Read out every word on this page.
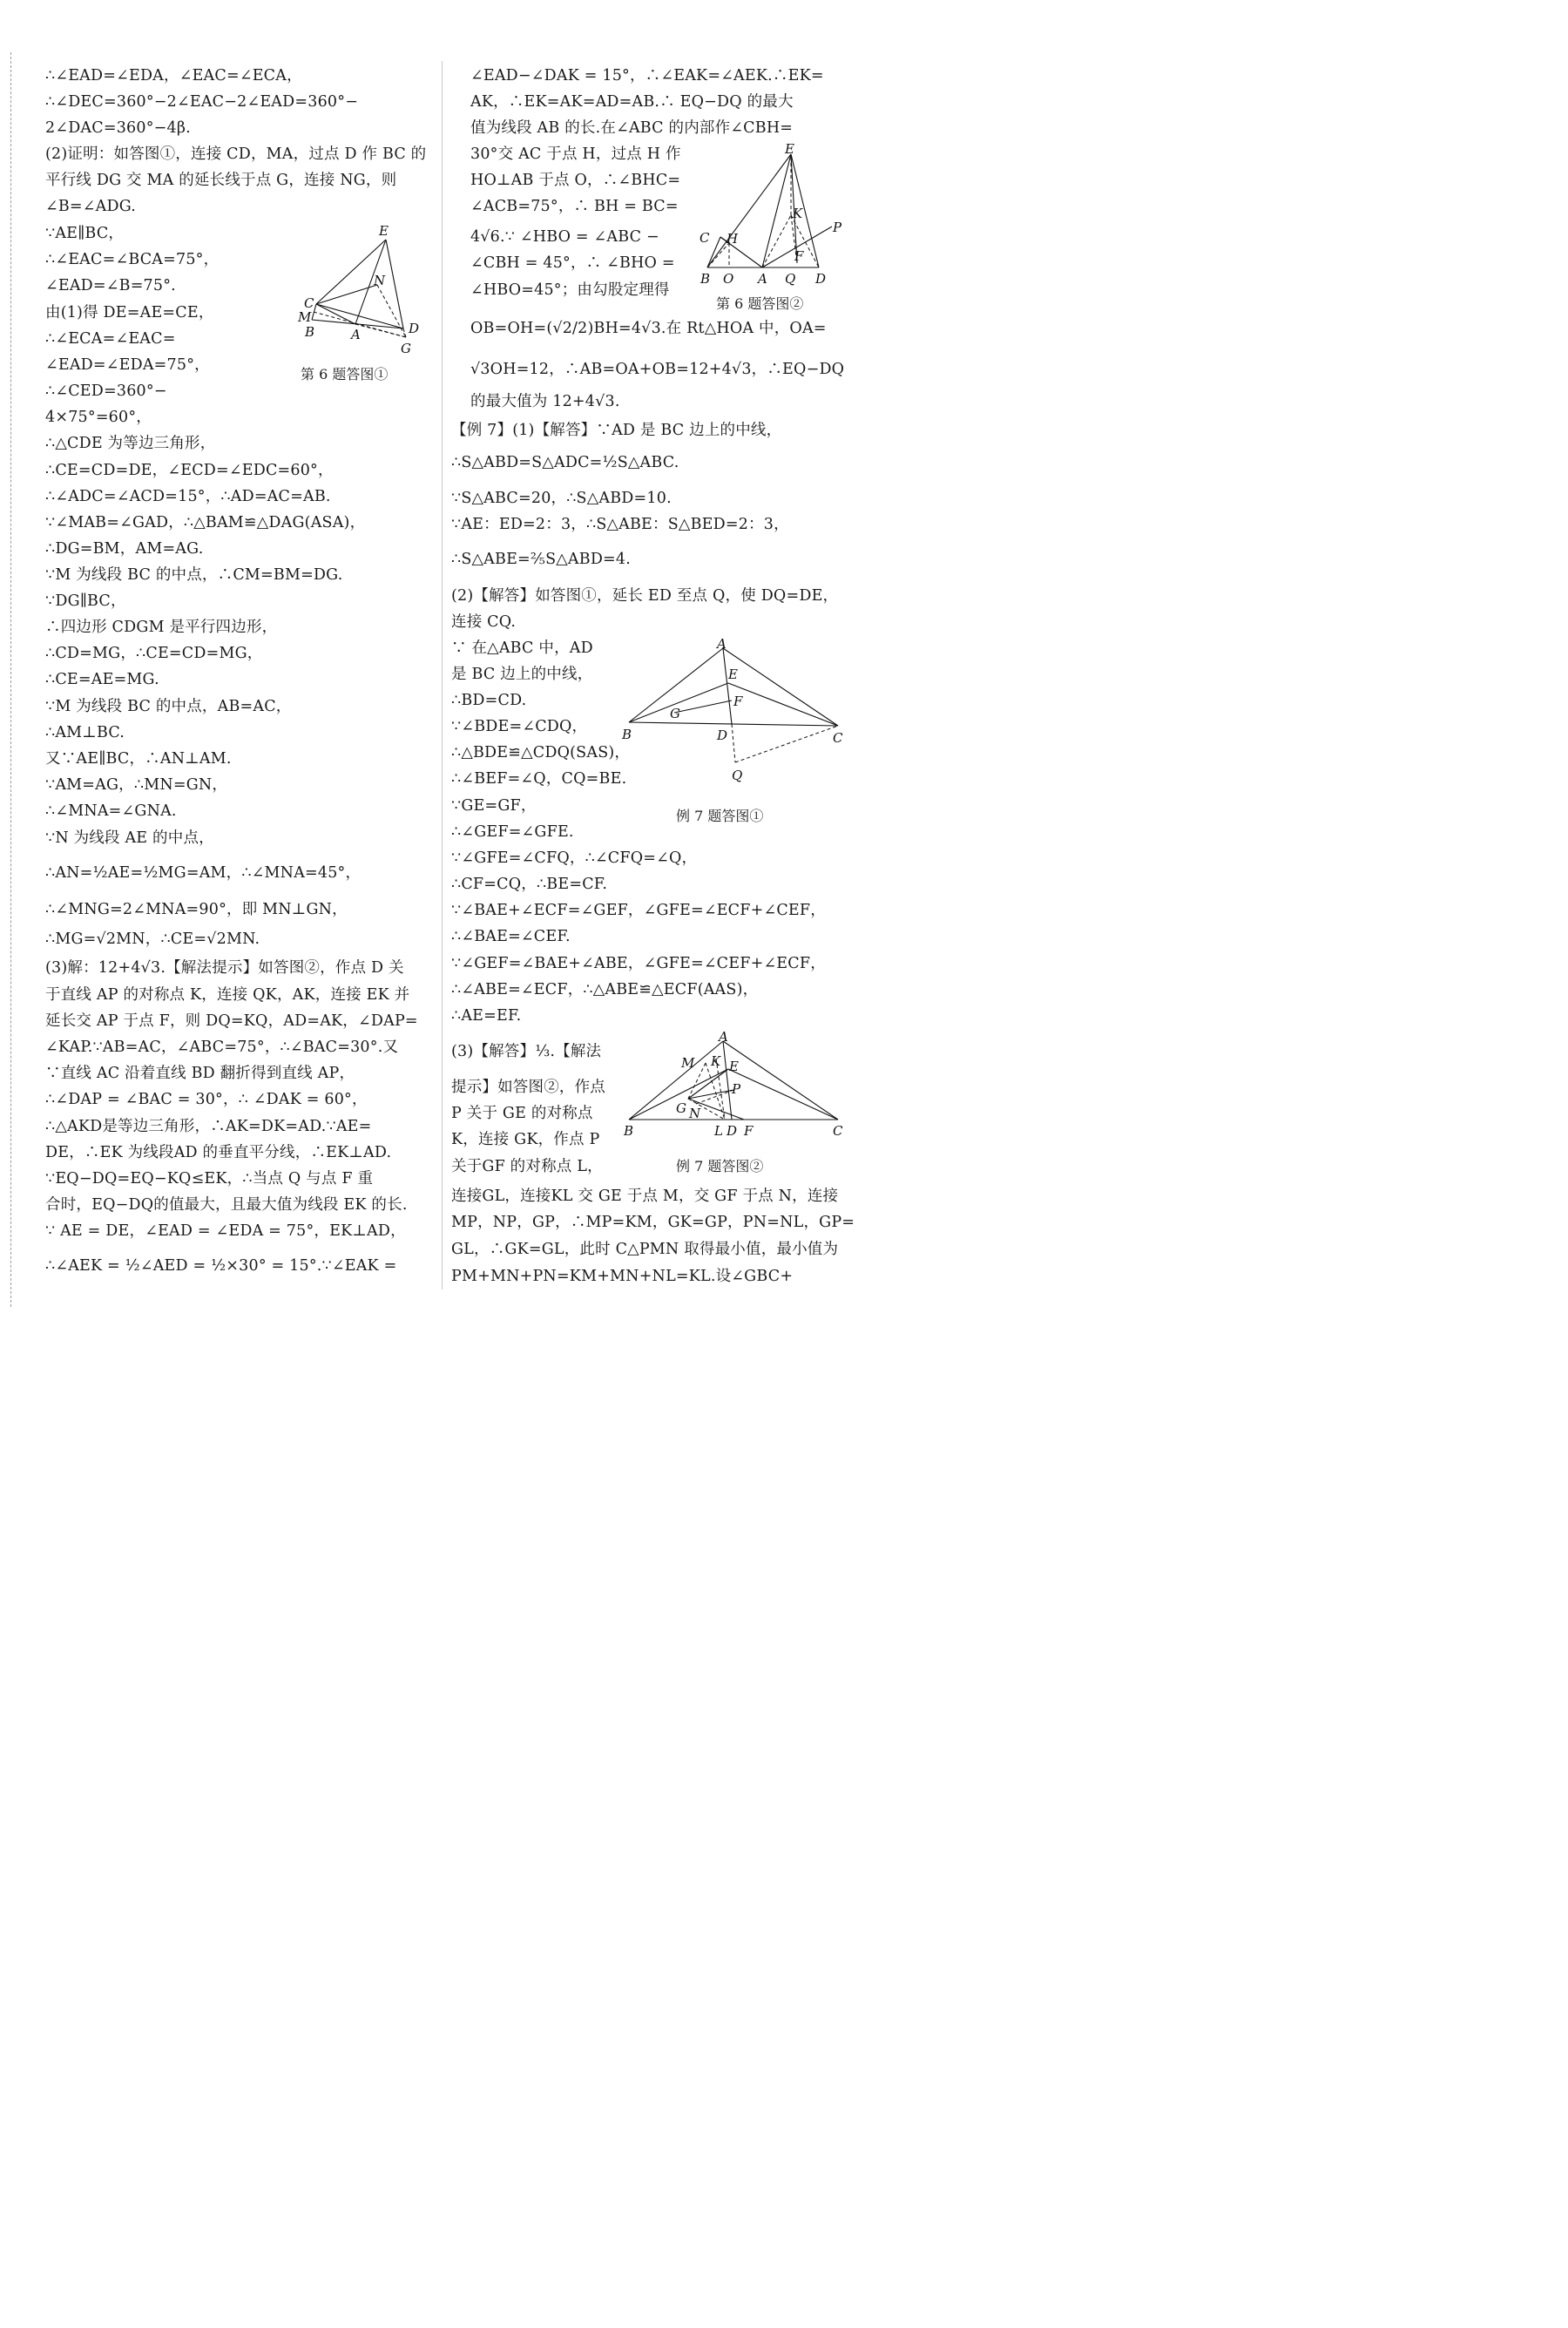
∴∠EAD=∠EDA，∠EAC=∠ECA，
∴∠DEC=360°−2∠EAC−2∠EAD=360°−
2∠DAC=360°−4β.
(2)证明：如答图①，连接 CD，MA，过点 D 作 BC 的
平行线 DG 交 MA 的延长线于点 G，连接 NG，则
∠B=∠ADG.
∵AE∥BC，
∴∠EAC=∠BCA=75°，
∠EAD=∠B=75°.
由(1)得 DE=AE=CE，
∴∠ECA=∠EAC=
∠EAD=∠EDA=75°，
∴∠CED=360°−
4×75°=60°，
∴△CDE 为等边三角形，
∴CE=CD=DE，∠ECD=∠EDC=60°，
∴∠ADC=∠ACD=15°，∴AD=AC=AB.
∵∠MAB=∠GAD，∴△BAM≌△DAG(ASA)，
∴DG=BM，AM=AG.
∵M 为线段 BC 的中点，∴CM=BM=DG.
∵DG∥BC，
∴四边形 CDGM 是平行四边形，
∴CD=MG，∴CE=CD=MG，
∴CE=AE=MG.
∵M 为线段 BC 的中点，AB=AC，
∴AM⊥BC.
又∵AE∥BC，∴AN⊥AM.
∵AM=AG，∴MN=GN，
∴∠MNA=∠GNA.
∵N 为线段 AE 的中点，
∴AN=½AE=½MG=AM，∴∠MNA=45°，
∴∠MNG=2∠MNA=90°，即 MN⊥GN，
∴MG=√2MN，∴CE=√2MN.
(3)解：12+4√3.【解法提示】如答图②，作点 D 关
于直线 AP 的对称点 K，连接 QK，AK，连接 EK 并
延长交 AP 于点 F，则 DQ=KQ，AD=AK，∠DAP=
∠KAP.∵AB=AC，∠ABC=75°，∴∠BAC=30°.又
∵直线 AC 沿着直线 BD 翻折得到直线 AP，
∴∠DAP = ∠BAC = 30°，∴ ∠DAK = 60°，
∴△AKD是等边三角形，∴AK=DK=AD.∵AE=
DE，∴EK 为线段AD 的垂直平分线，∴EK⊥AD.
∵EQ−DQ=EQ−KQ≤EK，∴当点 Q 与点 F 重
合时，EQ−DQ的值最大，且最大值为线段 EK 的长.
∵ AE = DE，∠EAD = ∠EDA = 75°，EK⊥AD，
∴∠AEK = ½∠AED = ½×30° = 15°.∵∠EAK =
E
N
M
C
B	A	D
G
第 6 题答图①
∠EAD−∠DAK = 15°，∴∠EAK=∠AEK.∴EK=
AK，∴EK=AK=AD=AB.∴ EQ−DQ 的最大
值为线段 AB 的长.在∠ABC 的内部作∠CBH=
30°交 AC 于点 H，过点 H 作
HO⊥AB 于点 O，∴∠BHC=
∠ACB=75°，∴ BH = BC=
4√6.∵ ∠HBO = ∠ABC −
∠CBH = 45°，∴ ∠BHO =
∠HBO=45°；由勾股定理得
OB=OH=(√2/2)BH=4√3.在 Rt△HOA 中，OA=
√3OH=12，∴AB=OA+OB=12+4√3，∴EQ−DQ
的最大值为 12+4√3.
【例 7】(1)【解答】∵AD 是 BC 边上的中线，
∴S△ABD=S△ADC=½S△ABC.
∵S△ABC=20，∴S△ABD=10.
∵AE：ED=2：3，∴S△ABE：S△BED=2：3，
∴S△ABE=⅖S△ABD=4.
(2)【解答】如答图①，延长 ED 至点 Q，使 DQ=DE，
连接 CQ.
∵ 在△ABC 中，AD
是 BC 边上的中线，
∴BD=CD.
∵∠BDE=∠CDQ，
∴△BDE≌△CDQ(SAS)，
∴∠BEF=∠Q，CQ=BE.
∵GE=GF，
∴∠GEF=∠GFE.
∵∠GFE=∠CFQ，∴∠CFQ=∠Q，
∴CF=CQ，∴BE=CF.
∵∠BAE+∠ECF=∠GEF，∠GFE=∠ECF+∠CEF，
∴∠BAE=∠CEF.
∵∠GEF=∠BAE+∠ABE，∠GFE=∠CEF+∠ECF，
∴∠ABE=∠ECF，∴△ABE≌△ECF(AAS)，
∴AE=EF.
(3)【解答】⅓.【解法
提示】如答图②，作点
P 关于 GE 的对称点
K，连接 GK，作点 P
关于GF 的对称点 L，
连接GL，连接KL 交 GE 于点 M，交 GF 于点 N，连接
MP，NP，GP，∴MP=KM，GK=GP，PN=NL，GP=
GL，∴GK=GL，此时 C△PMN 取得最小值，最小值为
PM+MN+PN=KM+MN+NL=KL.设∠GBC+
E
K
P
C H
F
B O A Q D
第 6 题答图②
A
E
F
G
B	D	C
Q
例 7 题答图①
A
M K E
P
G N
B	L D F	C
例 7 题答图②
